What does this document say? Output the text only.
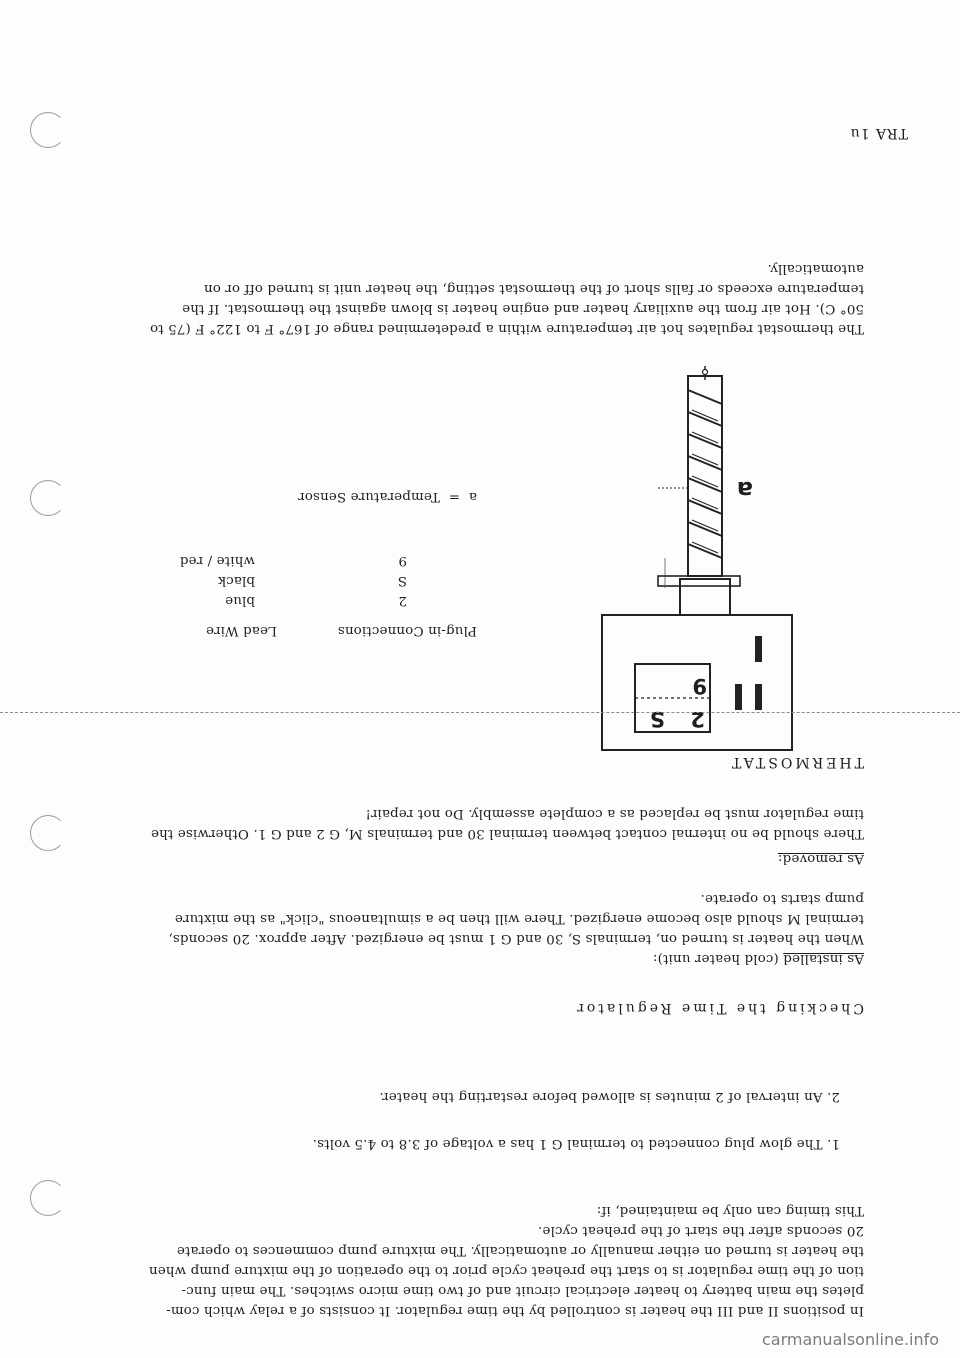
TRA 1u
The thermostat regulates hot air temperature within a predetermined range of 167° F to 122° F (75 to
50° C). Hot air from the auxiliary heater and engine heater is blown against the thermostat. If the
temperature exceeds or falls short of the thermostat setting, the heater unit is turned off or on
automatically.
2
S
9
a
Plug-in Connections
Lead Wire
2
blue
S
black
9
white / red
a  =  Temperature Sensor
THERMOSTAT
There should be no internal contact between terminal 30 and terminals M, G 2 and G 1. Otherwise the
time regulator must be replaced as a complete assembly. Do not repair!
As removed:
As installed (cold heater unit):
When the heater is turned on, terminals S, 30 and G 1 must be energized. After approx. 20 seconds,
terminal M should also become energized. There will then be a simultaneous "click" as the mixture
pump starts to operate.
Checking the Time Regulator
2. An interval of 2 minutes is allowed before restarting the heater.
1. The glow plug connected to terminal G 1 has a voltage of 3.8 to 4.5 volts.
In positions II and III the heater is controlled by the time regulator. It consists of a relay which com-
pletes the main battery to heater electrical circuit and of two time micro switches. The main func-
tion of the time regulator is to start the preheat cycle prior to the operation of the mixture pump when
the heater is turned on either manually or automatically. The mixture pump commences to operate
20 seconds after the start of the preheat cycle.
This timing can only be maintained, if:
carmanualsonline.info
